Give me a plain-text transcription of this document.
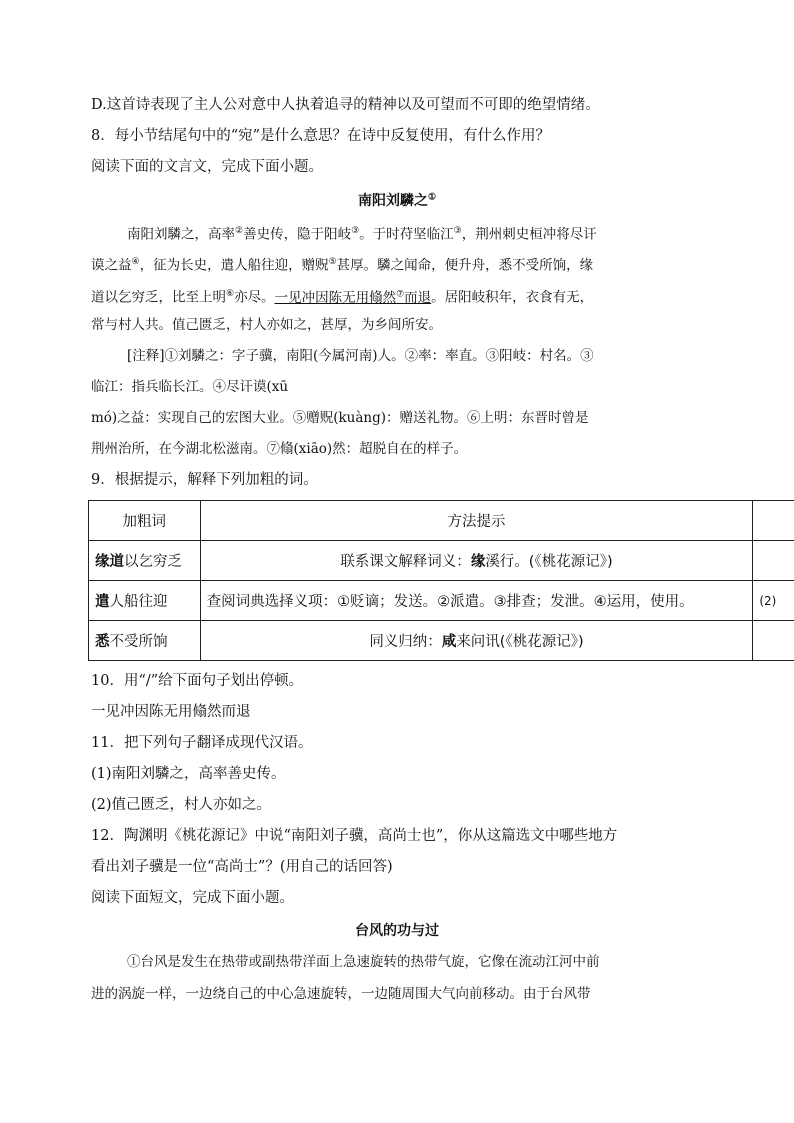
D.这首诗表现了主人公对意中人执着追寻的精神以及可望而不可即的绝望情绪。
8．每小节结尾句中的“宛”是什么意思？在诗中反复使用，有什么作用？
阅读下面的文言文，完成下面小题。
南阳刘驎之①
南阳刘驎之，高率②善史传，隐于阳岐③。于时苻坚临江③，荆州刺史桓冲将尽讦
谟之益④，征为长史，遣人船往迎，赠贶⑤甚厚。驎之闻命，便升舟，悉不受所饷，缘
道以乞穷乏，比至上明⑥亦尽。一见冲因陈无用翛然⑦而退。居阳岐积年，衣食有无，
常与村人共。值己匮乏，村人亦如之，甚厚，为乡闾所安。
[注释]①刘驎之：字子骥，南阳(今属河南)人。②率：率直。③阳岐：村名。③
临江：指兵临长江。④尽讦谟(xū
mó)之益：实现自己的宏图大业。⑤赠贶(kuàng)：赠送礼物。⑥上明：东晋时曾是
荆州治所，在今湖北松滋南。⑦翛(xiāo)然：超脱自在的样子。
9．根据提示，解释下列加粗的词。
加粗词	方法提示	
缘道以乞穷乏	联系课文解释词义：缘溪行。(《桃花源记》)	
遣人船往迎	查阅词典选择义项：①贬谪；发送。②派遣。③排查；发泄。④运用，使用。	(2)
悉不受所饷	同义归纳：咸来问讯(《桃花源记》)	
10．用“/”给下面句子划出停顿。
一见冲因陈无用翛然而退
11．把下列句子翻译成现代汉语。
(1)南阳刘驎之，高率善史传。
(2)值己匮乏，村人亦如之。
12．陶渊明《桃花源记》中说“南阳刘子骥，高尚士也”，你从这篇选文中哪些地方
看出刘子骥是一位“高尚士”？(用自己的话回答)
阅读下面短文，完成下面小题。
台风的功与过
①台风是发生在热带或副热带洋面上急速旋转的热带气旋，它像在流动江河中前
进的涡旋一样，一边绕自己的中心急速旋转，一边随周围大气向前移动。由于台风带
